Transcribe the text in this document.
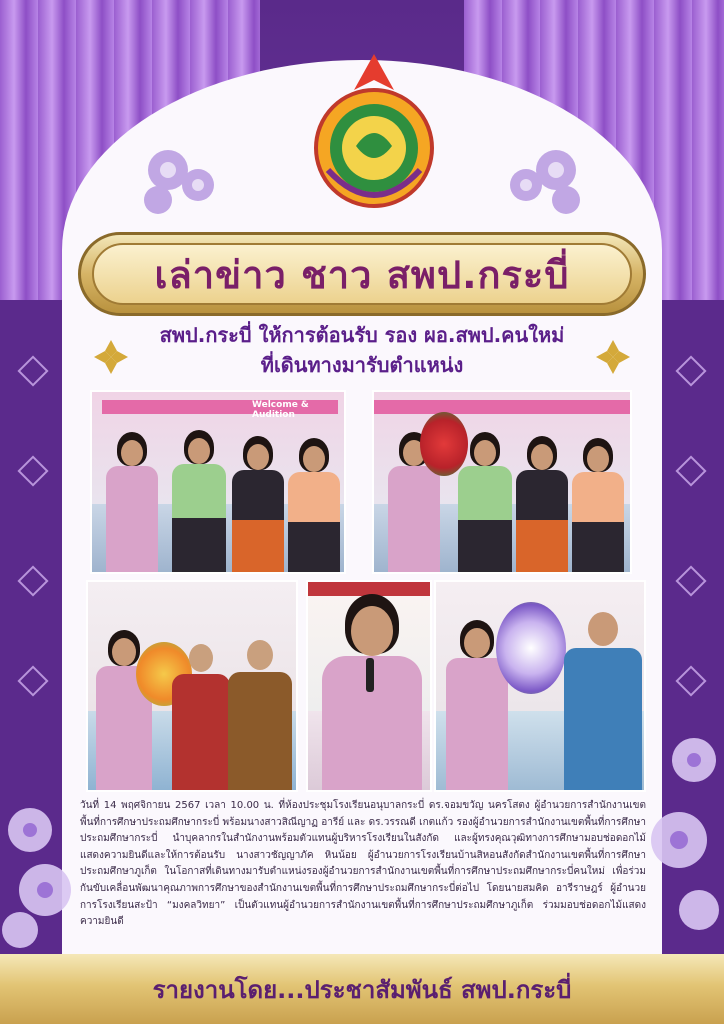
เล่าข่าว ชาว สพป.กระบี่
สพป.กระบี่ ให้การต้อนรับ รอง ผอ.สพป.คนใหม่
ที่เดินทางมารับตำแหน่ง
Welcome & Audition
วันที่ 14 พฤศจิกายน 2567 เวลา 10.00 น. ที่ห้องประชุมโรงเรียนอนุบาลกระบี่ ดร.จอมขวัญ นครโสตง ผู้อำนวยการสำนักงานเขตพื้นที่การศึกษาประถมศึกษากระบี่ พร้อมนางสาวสิณีญาฏ อารีย์ และ ดร.วรรณดี เกตแก้ว รองผู้อำนวยการสำนักงานเขตพื้นที่การศึกษาประถมศึกษากระบี่ นำบุคลากรในสำนักงานพร้อมตัวแทนผู้บริหารโรงเรียนในสังกัด และผู้ทรงคุณวุฒิทางการศึกษามอบช่อดอกไม้แสดงความยินดีและให้การต้อนรับ นางสาวชัญญาภัค หินน้อย ผู้อำนวยการโรงเรียนบ้านสิหอนสังกัดสำนักงานเขตพื้นที่การศึกษาประถมศึกษาภูเก็ต ในโอกาสที่เดินทางมารับตำแหน่งรองผู้อำนวยการสำนักงานเขตพื้นที่การศึกษาประถมศึกษากระบี่คนใหม่ เพื่อร่วมกันขับเคลื่อนพัฒนาคุณภาพการศึกษาของสำนักงานเขตพื้นที่การศึกษาประถมศึกษากระบี่ต่อไป โดยนายสมคิด อารีราษฎร์ ผู้อำนวยการโรงเรียนสะป้า “มงคลวิทยา” เป็นตัวแทนผู้อำนวยการสำนักงานเขตพื้นที่การศึกษาประถมศึกษาภูเก็ต ร่วมมอบช่อดอกไม้แสดงความยินดี
รายงานโดย...ประชาสัมพันธ์ สพป.กระบี่
